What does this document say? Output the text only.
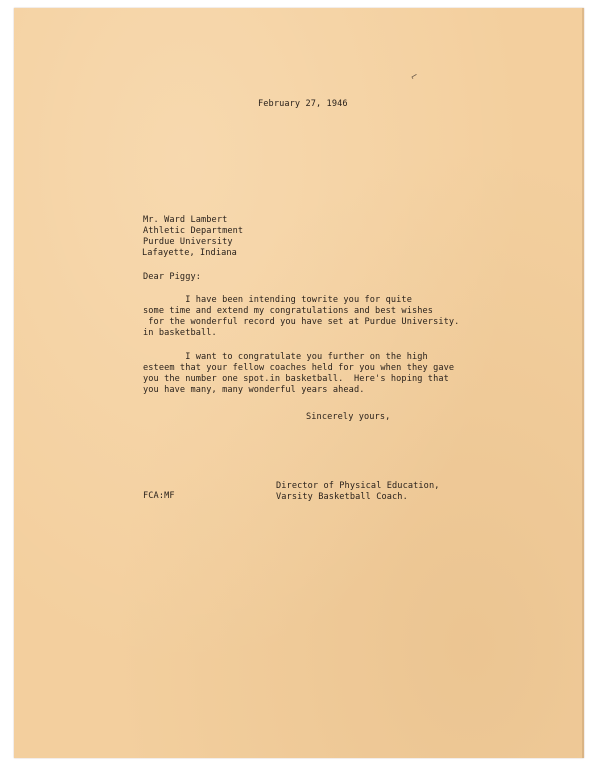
⌐
February 27, 1946
Mr. Ward Lambert
Athletic Department
Purdue University
Lafayette, Indiana
Dear Piggy:
I have been intending towrite you for quite
some time and extend my congratulations and best wishes
for the wonderful record you have set at Purdue University.
in basketball.
I want to congratulate you further on the high
esteem that your fellow coaches held for you when they gave
you the number one spot.in basketball.  Here's hoping that
you have many, many wonderful years ahead.
Sincerely yours,
Director of Physical Education,
Varsity Basketball Coach.
FCA:MF
